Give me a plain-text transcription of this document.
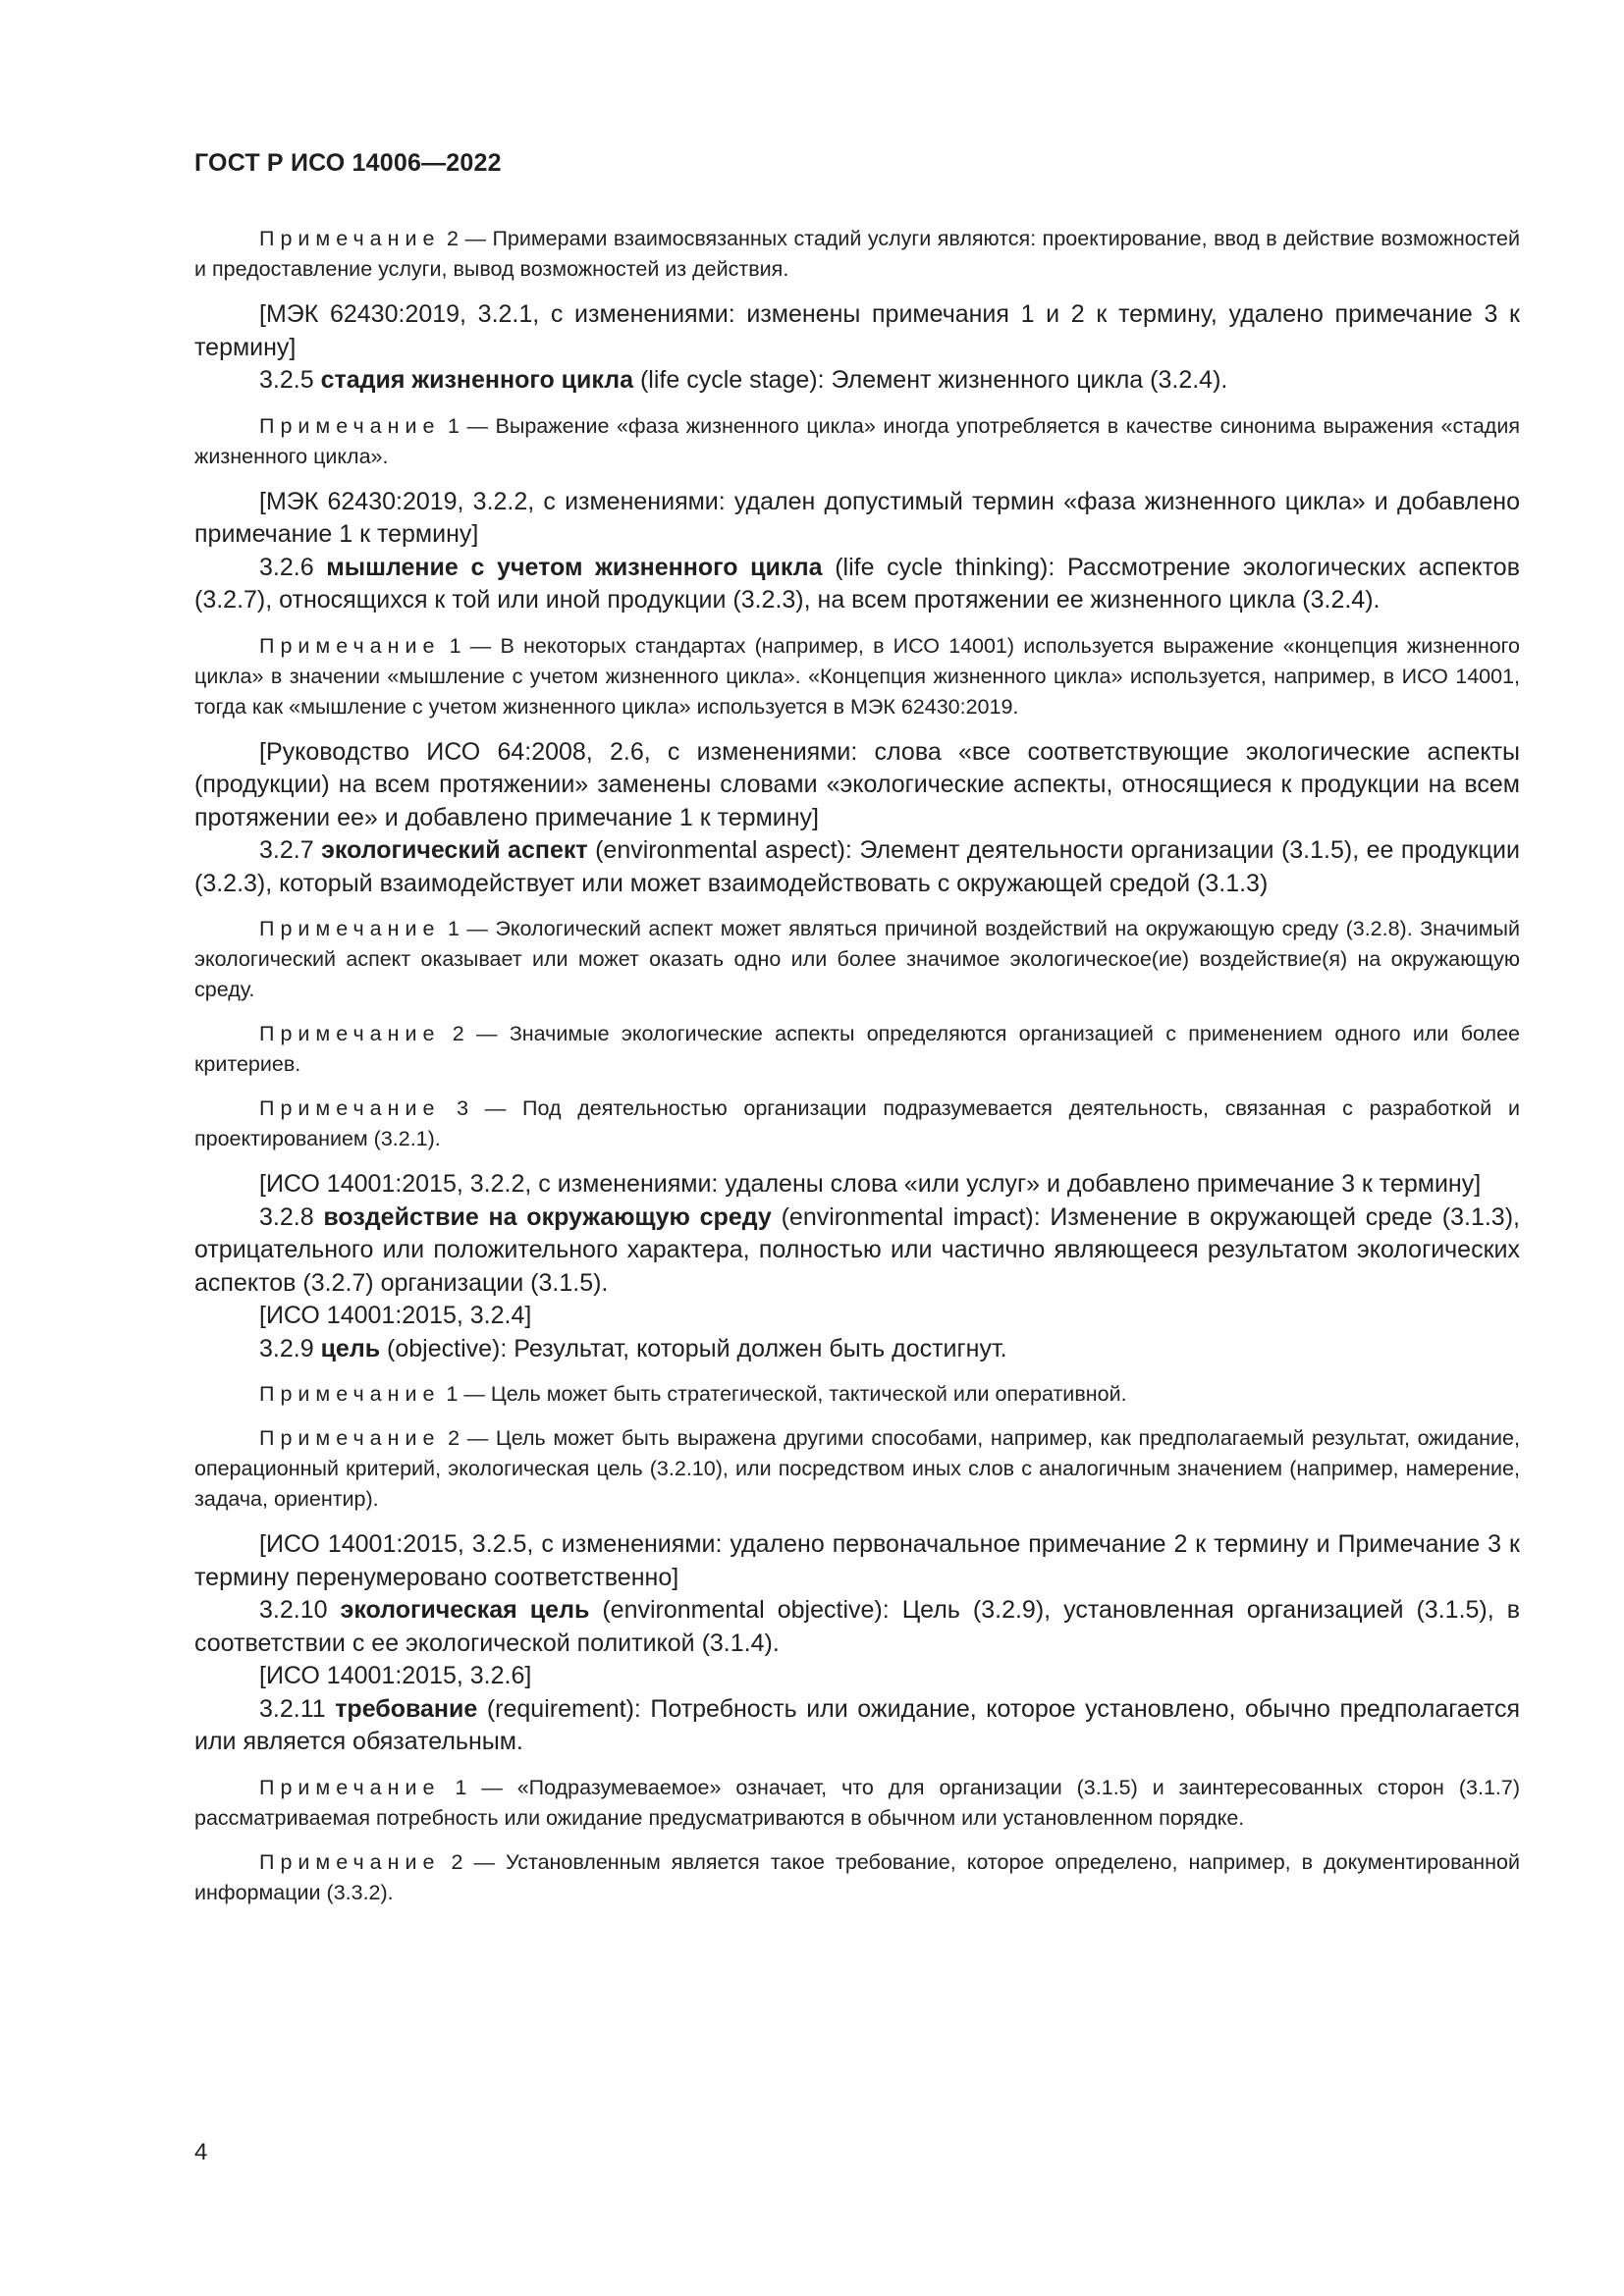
ГОСТ Р ИСО 14006—2022

Примечание 2 — Примерами взаимосвязанных стадий услуги являются: проектирование, ввод в действие возможностей и предоставление услуги, вывод возможностей из действия.

[МЭК 62430:2019, 3.2.1, с изменениями: изменены примечания 1 и 2 к термину, удалено примечание 3 к термину]

3.2.5 стадия жизненного цикла (life cycle stage): Элемент жизненного цикла (3.2.4).

Примечание 1 — Выражение «фаза жизненного цикла» иногда употребляется в качестве синонима выражения «стадия жизненного цикла».

[МЭК 62430:2019, 3.2.2, с изменениями: удален допустимый термин «фаза жизненного цикла» и добавлено примечание 1 к термину]

3.2.6 мышление с учетом жизненного цикла (life cycle thinking): Рассмотрение экологических аспектов (3.2.7), относящихся к той или иной продукции (3.2.3), на всем протяжении ее жизненного цикла (3.2.4).

Примечание 1 — В некоторых стандартах (например, в ИСО 14001) используется выражение «концепция жизненного цикла» в значении «мышление с учетом жизненного цикла». «Концепция жизненного цикла» используется, например, в ИСО 14001, тогда как «мышление с учетом жизненного цикла» используется в МЭК 62430:2019.

[Руководство ИСО 64:2008, 2.6, с изменениями: слова «все соответствующие экологические аспекты (продукции) на всем протяжении» заменены словами «экологические аспекты, относящиеся к продукции на всем протяжении ее» и добавлено примечание 1 к термину]

3.2.7 экологический аспект (environmental aspect): Элемент деятельности организации (3.1.5), ее продукции (3.2.3), который взаимодействует или может взаимодействовать с окружающей средой (3.1.3)

Примечание 1 — Экологический аспект может являться причиной воздействий на окружающую среду (3.2.8). Значимый экологический аспект оказывает или может оказать одно или более значимое экологическое(ие) воздействие(я) на окружающую среду.

Примечание 2 — Значимые экологические аспекты определяются организацией с применением одного или более критериев.

Примечание 3 — Под деятельностью организации подразумевается деятельность, связанная с разработкой и проектированием (3.2.1).

[ИСО 14001:2015, 3.2.2, с изменениями: удалены слова «или услуг» и добавлено примечание 3 к термину]

3.2.8 воздействие на окружающую среду (environmental impact): Изменение в окружающей среде (3.1.3), отрицательного или положительного характера, полностью или частично являющееся результатом экологических аспектов (3.2.7) организации (3.1.5).

[ИСО 14001:2015, 3.2.4]

3.2.9 цель (objective): Результат, который должен быть достигнут.

Примечание 1 — Цель может быть стратегической, тактической или оперативной.

Примечание 2 — Цель может быть выражена другими способами, например, как предполагаемый результат, ожидание, операционный критерий, экологическая цель (3.2.10), или посредством иных слов с аналогичным значением (например, намерение, задача, ориентир).

[ИСО 14001:2015, 3.2.5, с изменениями: удалено первоначальное примечание 2 к термину и Примечание 3 к термину перенумеровано соответственно]

3.2.10 экологическая цель (environmental objective): Цель (3.2.9), установленная организацией (3.1.5), в соответствии с ее экологической политикой (3.1.4).

[ИСО 14001:2015, 3.2.6]

3.2.11 требование (requirement): Потребность или ожидание, которое установлено, обычно предполагается или является обязательным.

Примечание 1 — «Подразумеваемое» означает, что для организации (3.1.5) и заинтересованных сторон (3.1.7) рассматриваемая потребность или ожидание предусматриваются в обычном или установленном порядке.

Примечание 2 — Установленным является такое требование, которое определено, например, в документированной информации (3.3.2).

4
